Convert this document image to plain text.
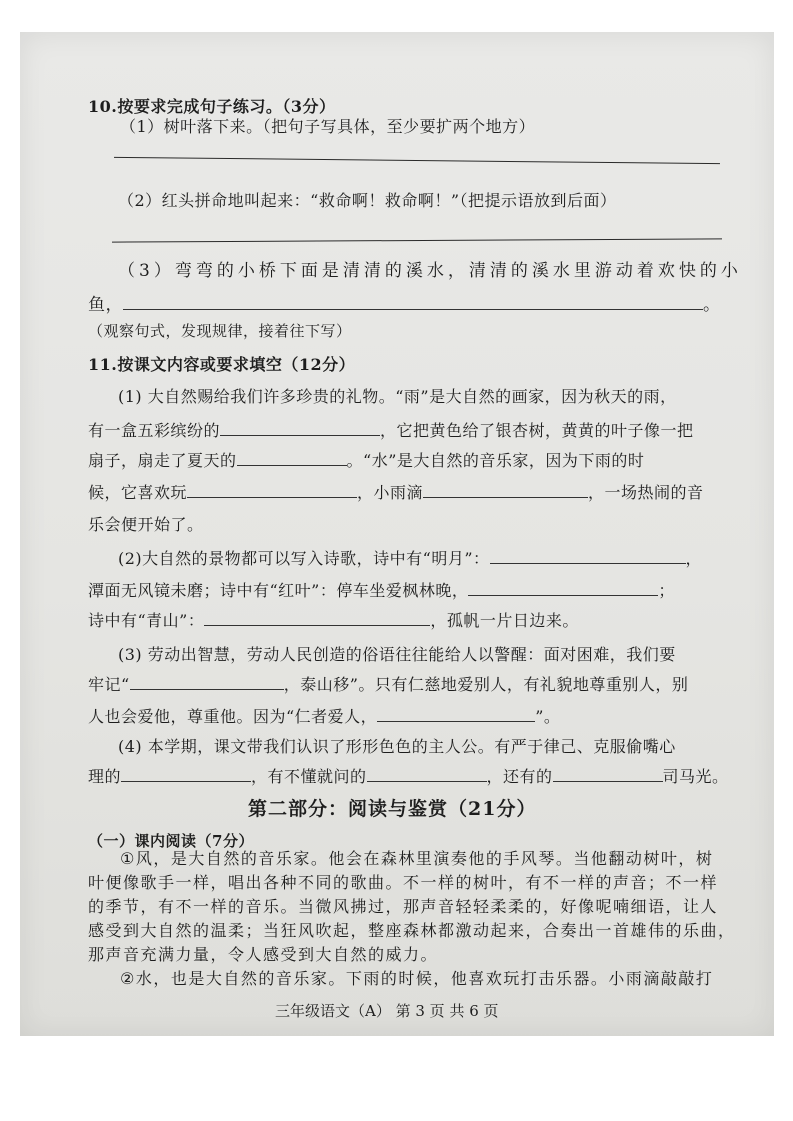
10.按要求完成句子练习。（3分）
（1）树叶落下来。（把句子写具体，至少要扩两个地方）
（2）红头拼命地叫起来：“救命啊！救命啊！”（把提示语放到后面）
（3）弯弯的小桥下面是清清的溪水，清清的溪水里游动着欢快的小
鱼，	。
（观察句式，发现规律，接着往下写）
11.按课文内容或要求填空（12分）
(1) 大自然赐给我们许多珍贵的礼物。“雨”是大自然的画家，因为秋天的雨，
有一盒五彩缤纷的	，它把黄色给了银杏树，黄黄的叶子像一把
扇子，扇走了夏天的	。“水”是大自然的音乐家，因为下雨的时
候，它喜欢玩	，小雨滴	，一场热闹的音
乐会便开始了。
(2)大自然的景物都可以写入诗歌，诗中有“明月”：	，
潭面无风镜未磨；诗中有“红叶”：停车坐爱枫林晚，	；
诗中有“青山”：	，孤帆一片日边来。
(3) 劳动出智慧，劳动人民创造的俗语往往能给人以警醒：面对困难，我们要
牢记“	，泰山移”。只有仁慈地爱别人，有礼貌地尊重别人，别
人也会爱他，尊重他。因为“仁者爱人，	”。
(4) 本学期，课文带我们认识了形形色色的主人公。有严于律己、克服偷嘴心
理的	，有不懂就问的	，还有的	司马光。
第二部分：阅读与鉴赏（21分）
（一）课内阅读（7分）
①风，是大自然的音乐家。他会在森林里演奏他的手风琴。当他翻动树叶，树
叶便像歌手一样，唱出各种不同的歌曲。不一样的树叶，有不一样的声音；不一样
的季节，有不一样的音乐。当微风拂过，那声音轻轻柔柔的，好像呢喃细语，让人
感受到大自然的温柔；当狂风吹起，整座森林都激动起来，合奏出一首雄伟的乐曲，
那声音充满力量，令人感受到大自然的威力。
②水，也是大自然的音乐家。下雨的时候，他喜欢玩打击乐器。小雨滴敲敲打
三年级语文（A） 第 3 页 共 6 页
